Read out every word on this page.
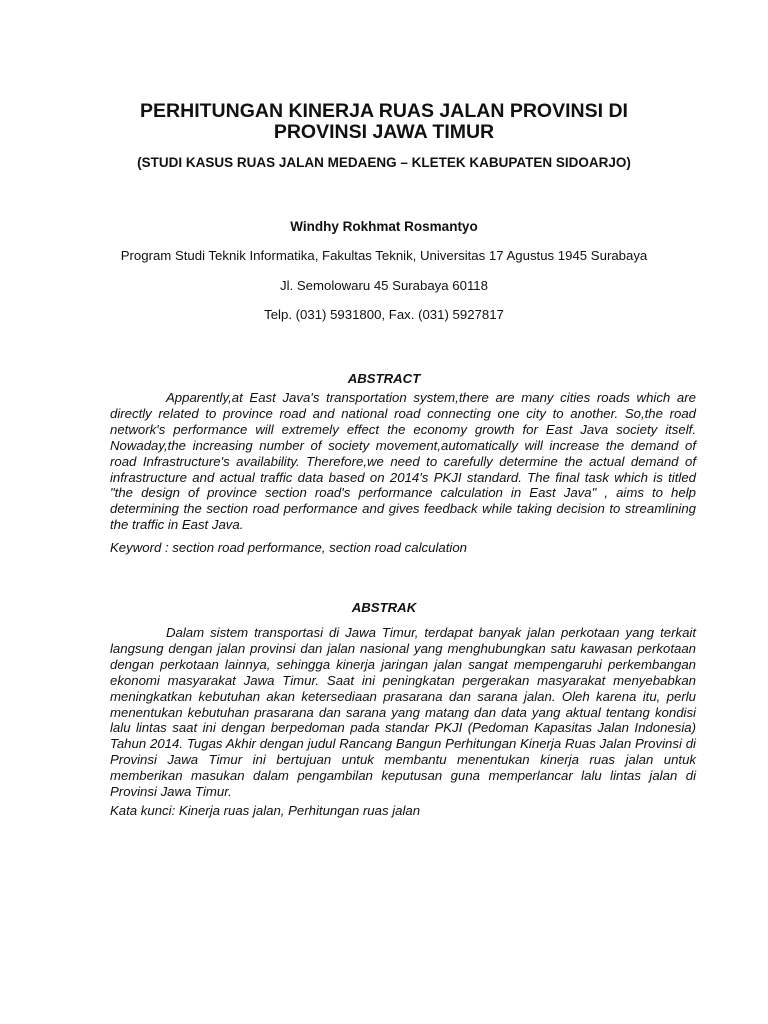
PERHITUNGAN KINERJA RUAS JALAN PROVINSI DI
PROVINSI JAWA TIMUR

(STUDI KASUS RUAS JALAN MEDAENG – KLETEK KABUPATEN SIDOARJO)

Windhy Rokhmat Rosmantyo
Program Studi Teknik Informatika, Fakultas Teknik, Universitas 17 Agustus 1945 Surabaya
Jl. Semolowaru 45 Surabaya 60118
Telp. (031) 5931800, Fax. (031) 5927817
ABSTRACT

Apparently,at East Java's transportation system,there are many cities roads which are directly related to province road and national road connecting one city to another. So,the road network's performance will extremely effect the economy growth for East Java society itself. Nowaday,the increasing number of society movement,automatically will increase the demand of road Infrastructure's availability. Therefore,we need to carefully determine the actual demand of infrastructure and actual traffic data based on 2014's PKJI standard. The final task which is titled "the design of province section road's performance calculation in East Java" , aims to help determining the section road performance and gives feedback while taking decision to streamlining the traffic in East Java.

Keyword : section road performance, section road calculation

ABSTRAK

Dalam sistem transportasi di Jawa Timur, terdapat banyak jalan perkotaan yang terkait langsung dengan jalan provinsi dan jalan nasional yang menghubungkan satu kawasan perkotaan dengan perkotaan lainnya, sehingga kinerja jaringan jalan sangat mempengaruhi perkembangan ekonomi masyarakat Jawa Timur. Saat ini peningkatan pergerakan masyarakat menyebabkan meningkatkan kebutuhan akan ketersediaan prasarana dan sarana jalan. Oleh karena itu, perlu menentukan kebutuhan prasarana dan sarana yang matang dan data yang aktual tentang kondisi lalu lintas saat ini dengan berpedoman pada standar PKJI (Pedoman Kapasitas Jalan Indonesia) Tahun 2014. Tugas Akhir dengan judul Rancang Bangun Perhitungan Kinerja Ruas Jalan Provinsi di Provinsi Jawa Timur ini bertujuan untuk membantu menentukan kinerja ruas jalan untuk memberikan masukan dalam pengambilan keputusan guna memperlancar lalu lintas jalan di Provinsi Jawa Timur.

Kata kunci: Kinerja ruas jalan, Perhitungan ruas jalan
